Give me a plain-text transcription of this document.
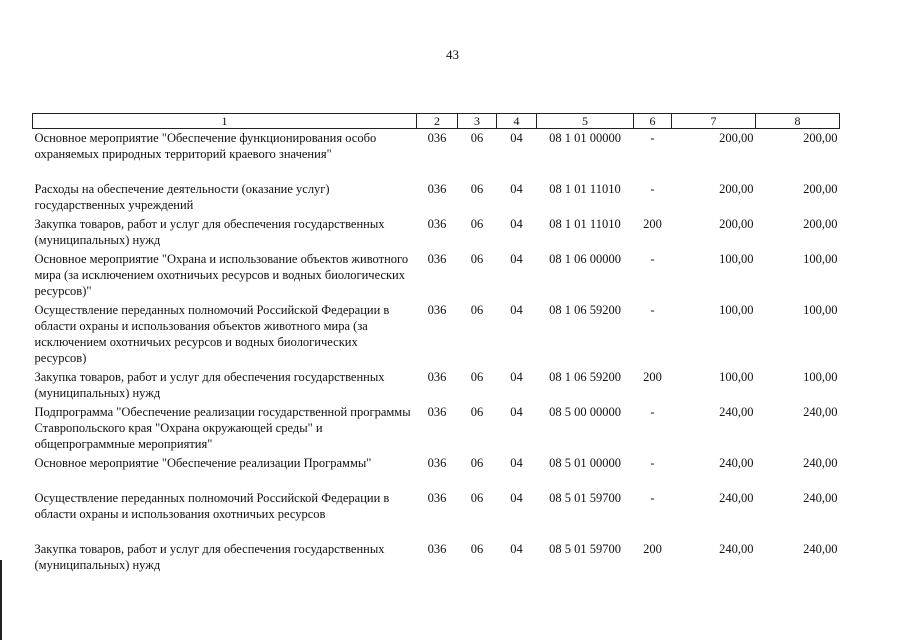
43
1	2	3	4	5	6	7	8
Основное мероприятие "Обеспечение функционирования особо охраняемых природных территорий краевого значения"	036	06	04	08 1 01 00000	-	200,00	200,00
Расходы на обеспечение деятельности (оказание услуг) государственных учреждений	036	06	04	08 1 01 11010	-	200,00	200,00
Закупка товаров, работ и услуг для обеспечения государственных (муниципальных) нужд	036	06	04	08 1 01 11010	200	200,00	200,00
Основное мероприятие "Охрана и использование объектов животного мира (за исключением охотничьих ресурсов и водных биологических ресурсов)"	036	06	04	08 1 06 00000	-	100,00	100,00
Осуществление переданных полномочий Российской Федерации в области охраны и использования объектов животного мира (за исключением охотничьих ресурсов и водных биологических ресурсов)	036	06	04	08 1 06 59200	-	100,00	100,00
Закупка товаров, работ и услуг для обеспечения государственных (муниципальных) нужд	036	06	04	08 1 06 59200	200	100,00	100,00
Подпрограмма "Обеспечение реализации государственной программы Ставропольского края "Охрана окружающей среды" и общепрограммные мероприятия"	036	06	04	08 5 00 00000	-	240,00	240,00
Основное мероприятие "Обеспечение реализации Программы"	036	06	04	08 5 01 00000	-	240,00	240,00
Осуществление переданных полномочий Российской Федерации в области охраны и использования охотничьих ресурсов	036	06	04	08 5 01 59700	-	240,00	240,00
Закупка товаров, работ и услуг для обеспечения государственных (муниципальных) нужд	036	06	04	08 5 01 59700	200	240,00	240,00
